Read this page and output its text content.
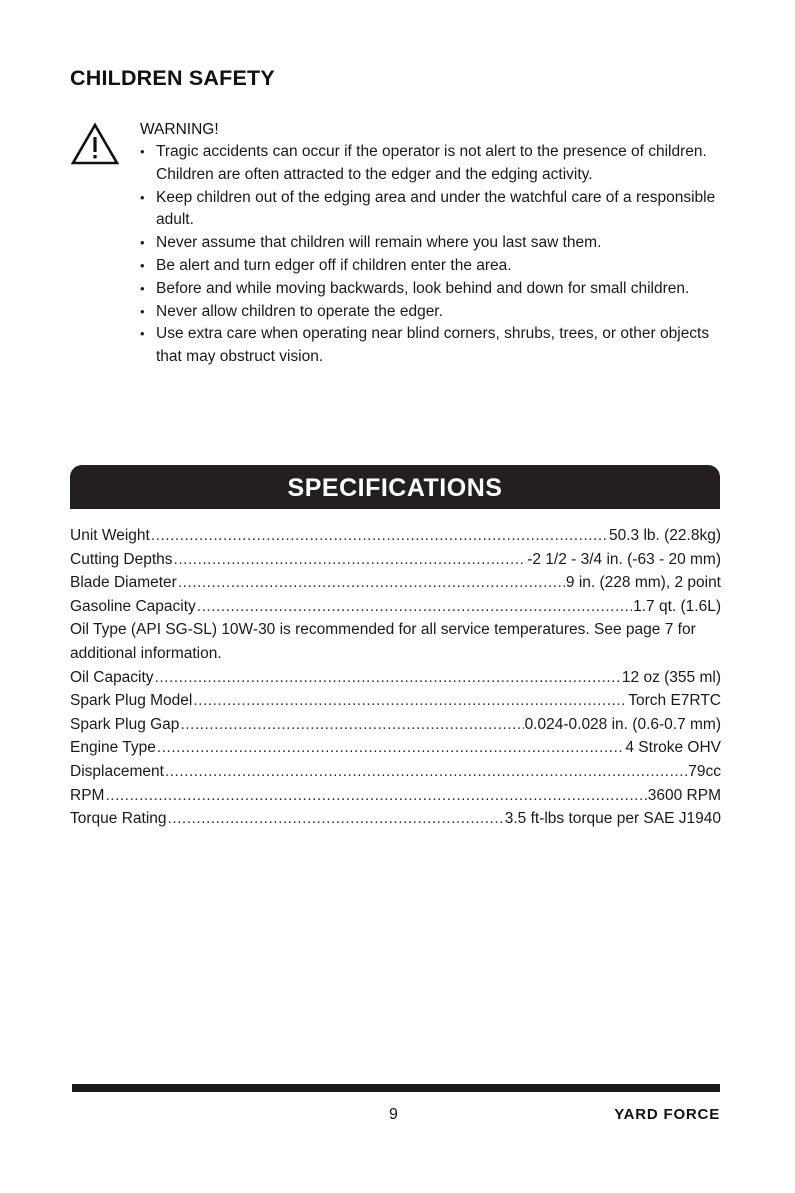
CHILDREN SAFETY
WARNING!
• Tragic accidents can occur if the operator is not alert to the presence of children. Children are often attracted to the edger and the edging activity.
• Keep children out of the edging area and under the watchful care of a responsible adult.
• Never assume that children will remain where you last saw them.
• Be alert and turn edger off if children enter the area.
• Before and while moving backwards, look behind and down for small children.
• Never allow children to operate the edger.
• Use extra care when operating near blind corners, shrubs, trees, or other objects that may obstruct vision.
SPECIFICATIONS
Unit Weight .....	50.3 lb. (22.8kg)
Cutting Depths .....	-2 1/2 - 3/4 in. (-63 - 20 mm)
Blade Diameter .....	9 in. (228 mm), 2 point
Gasoline Capacity .....	1.7 qt. (1.6L)
Oil Type (API SG-SL) 10W-30 is recommended for all service temperatures. See page 7 for additional information.
Oil Capacity .....	12 oz (355 ml)
Spark Plug Model .....	Torch E7RTC
Spark Plug Gap .....	0.024-0.028 in. (0.6-0.7 mm)
Engine Type .....	4 Stroke OHV
Displacement .....	79cc
RPM .....	3600 RPM
Torque Rating .....	3.5 ft-lbs torque per SAE J1940
9	YARD FORCE
